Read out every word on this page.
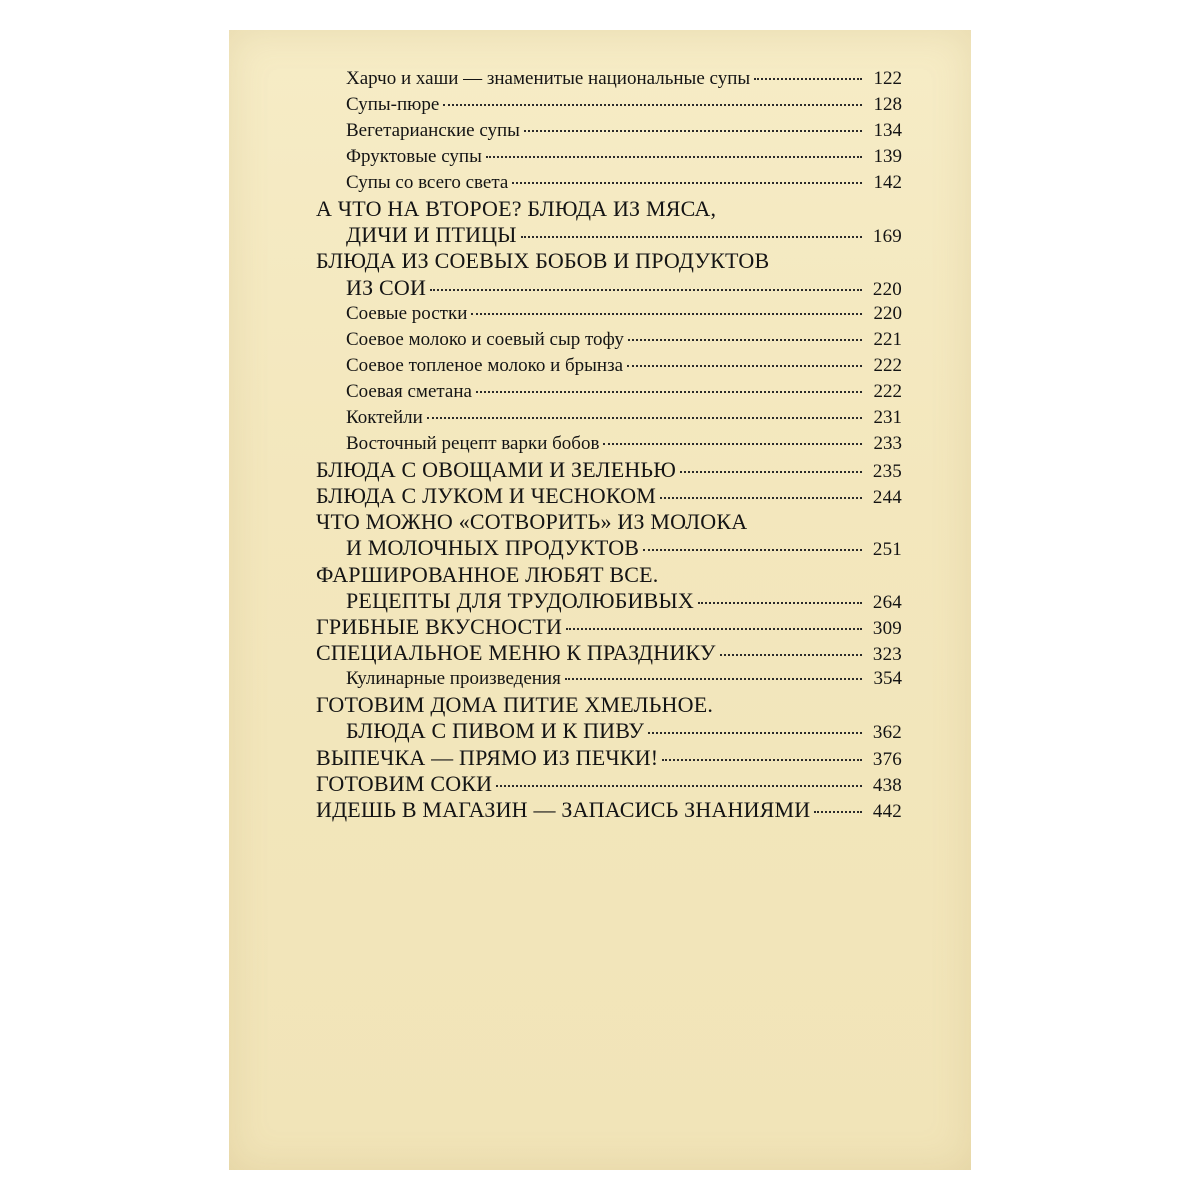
Харчо и хаши — знаменитые национальные супы	122
Супы-пюре	128
Вегетарианские супы	134
Фруктовые супы	139
Супы со всего света	142
А ЧТО НА ВТОРОЕ? БЛЮДА ИЗ МЯСА,
ДИЧИ И ПТИЦЫ	169
БЛЮДА ИЗ СОЕВЫХ БОБОВ И ПРОДУКТОВ
ИЗ СОИ	220
Соевые ростки	220
Соевое молоко и соевый сыр тофу	221
Соевое топленое молоко и брынза	222
Соевая сметана	222
Коктейли	231
Восточный рецепт варки бобов	233
БЛЮДА С ОВОЩАМИ И ЗЕЛЕНЬЮ	235
БЛЮДА С ЛУКОМ И ЧЕСНОКОМ	244
ЧТО МОЖНО «СОТВОРИТЬ» ИЗ МОЛОКА
И МОЛОЧНЫХ ПРОДУКТОВ	251
ФАРШИРОВАННОЕ ЛЮБЯТ ВСЕ.
РЕЦЕПТЫ ДЛЯ ТРУДОЛЮБИВЫХ	264
ГРИБНЫЕ ВКУСНОСТИ	309
СПЕЦИАЛЬНОЕ МЕНЮ К ПРАЗДНИКУ	323
Кулинарные произведения	354
ГОТОВИМ ДОМА ПИТИЕ ХМЕЛЬНОЕ.
БЛЮДА С ПИВОМ И К ПИВУ	362
ВЫПЕЧКА — ПРЯМО ИЗ ПЕЧКИ!	376
ГОТОВИМ СОКИ	438
ИДЕШЬ В МАГАЗИН — ЗАПАСИСЬ ЗНАНИЯМИ	442
